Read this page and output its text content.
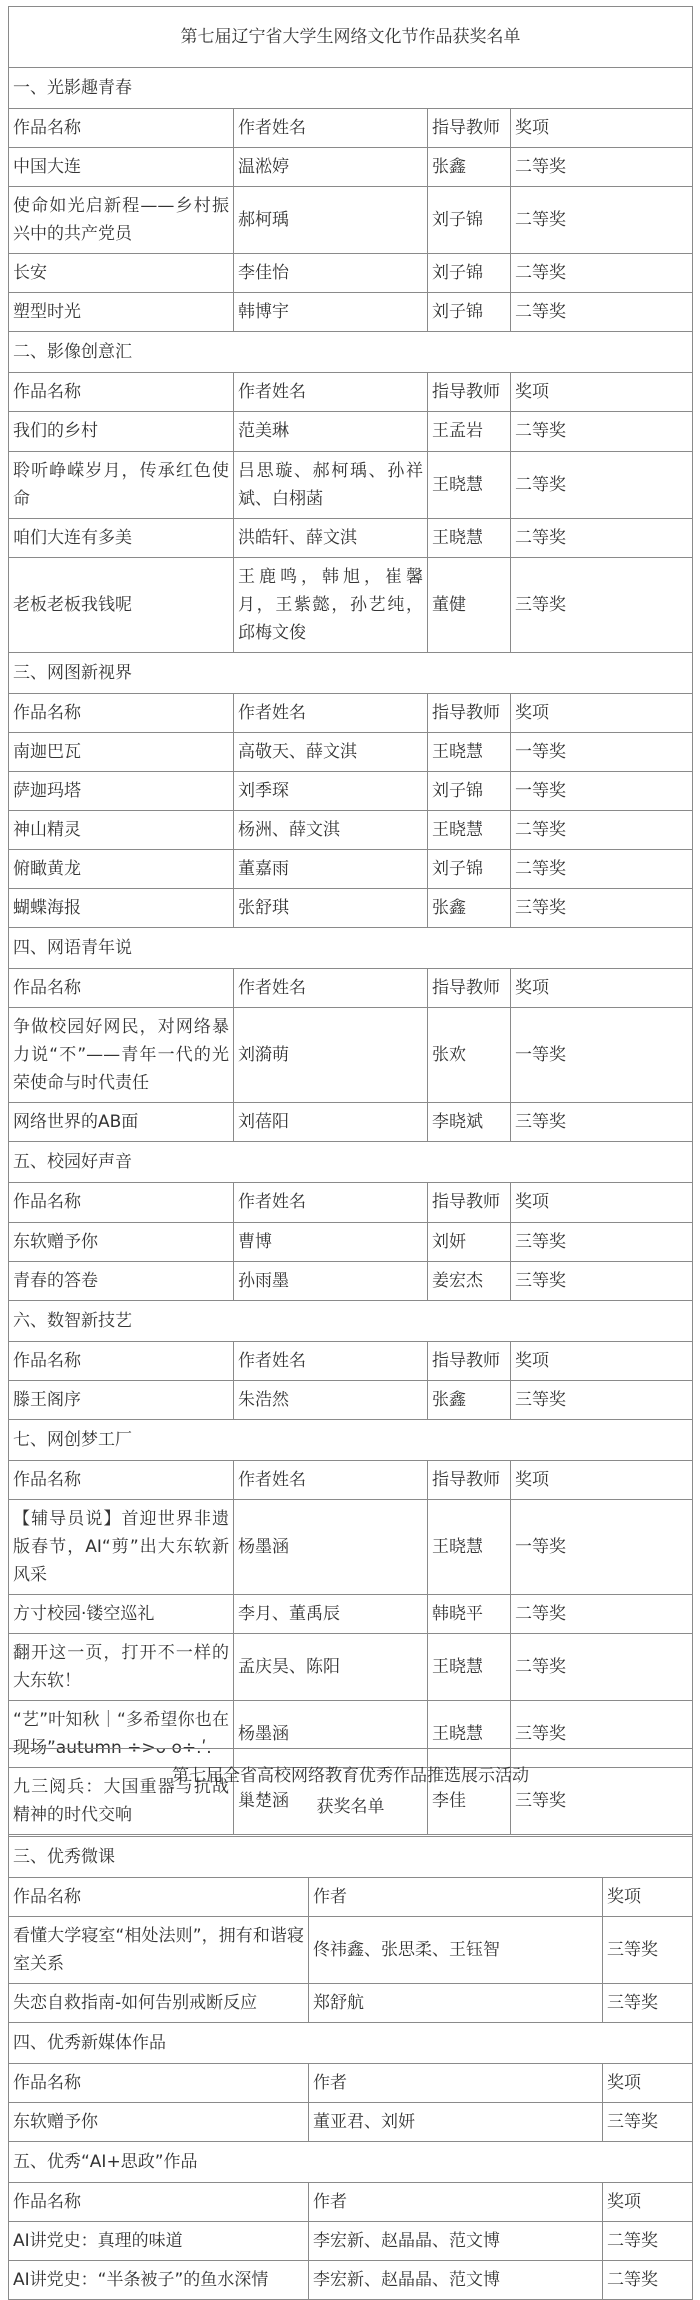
第七届辽宁省大学生网络文化节作品获奖名单			
一、光影趣青春			
作品名称	作者姓名	指导教师	奖项
中国大连	温淞婷	张鑫	二等奖
使命如光启新程——乡村振兴中的共产党员	郝柯瑀	刘子锦	二等奖
长安	李佳怡	刘子锦	二等奖
塑型时光	韩博宇	刘子锦	二等奖
二、影像创意汇			
作品名称	作者姓名	指导教师	奖项
我们的乡村	范美琳	王孟岩	二等奖
聆听峥嵘岁月，传承红色使命	吕思璇、郝柯瑀、孙祥斌、白栩菡	王晓慧	二等奖
咱们大连有多美	洪皓轩、薛文淇	王晓慧	二等奖
老板老板我钱呢	王鹿鸣，韩旭，崔馨月，王紫懿，孙艺纯，邱梅文俊	董健	三等奖
三、网图新视界			
作品名称	作者姓名	指导教师	奖项
南迦巴瓦	高敬天、薛文淇	王晓慧	一等奖
萨迦玛塔	刘季琛	刘子锦	一等奖
神山精灵	杨洲、薛文淇	王晓慧	二等奖
俯瞰黄龙	董嘉雨	刘子锦	二等奖
蝴蝶海报	张舒琪	张鑫	三等奖
四、网语青年说			
作品名称	作者姓名	指导教师	奖项
争做校园好网民，对网络暴力说“不”——青年一代的光荣使命与时代责任	刘漪萌	张欢	一等奖
网络世界的AB面	刘蓓阳	李晓斌	三等奖
五、校园好声音			
作品名称	作者姓名	指导教师	奖项
东软赠予你	曹博	刘妍	三等奖
青春的答卷	孙雨墨	姜宏杰	三等奖
六、数智新技艺			
作品名称	作者姓名	指导教师	奖项
滕王阁序	朱浩然	张鑫	三等奖
七、网创梦工厂			
作品名称	作者姓名	指导教师	奖项
【辅导员说】首迎世界非遗版春节，AI“剪”出大东软新风采	杨墨涵	王晓慧	一等奖
方寸校园·镂空巡礼	李月、董禹辰	韩晓平	二等奖
翻开这一页，打开不一样的大东软！	孟庆昊、陈阳	王晓慧	二等奖
“艺”叶知秋｜“多希望你也在现场”autumn ÷>ᴗ o÷.ʹ.	杨墨涵	王晓慧	三等奖
九三阅兵：大国重器与抗战精神的时代交响	巢楚涵	李佳	三等奖
第七届全省高校网络教育优秀作品推选展示活动
获奖名单		

三、优秀微课		
作品名称	作者	奖项
看懂大学寝室“相处法则”，拥有和谐寝室关系	佟祎鑫、张思柔、王钰智	三等奖
失恋自救指南-如何告别戒断反应	郑舒航	三等奖
四、优秀新媒体作品		
作品名称	作者	奖项
东软赠予你	董亚君、刘妍	三等奖
五、优秀“AI+思政”作品		
作品名称	作者	奖项
AI讲党史：真理的味道	李宏新、赵晶晶、范文博	二等奖
AI讲党史：“半条被子”的鱼水深情	李宏新、赵晶晶、范文博	二等奖
